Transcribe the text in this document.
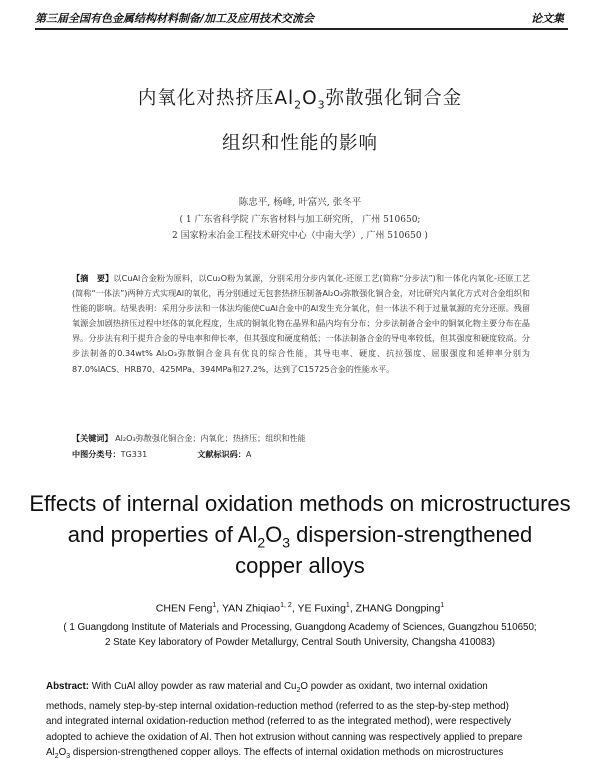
第三届全国有色金属结构材料制备/加工及应用技术交流会	论文集
内氧化对热挤压$Al_2O_3$弥散强化铜合金
组织和性能的影响
陈忠平, 杨峰, 叶富兴, 张冬平
( 1 广东省科学院 广东省材料与加工研究所， 广州 510650;
2 国家粉末冶金工程技术研究中心（中南大学）, 广州 510650 )
【摘　要】以CuAl合金粉为原料，以Cu₂O粉为氧源，分别采用分步内氧化-还原工艺(简称“分步法”)和一体化内氧化-还原工艺(简称“一体法”)两种方式实现Al的氧化，再分别通过无包套热挤压制备Al₂O₃弥散强化铜合金，对比研究内氧化方式对合金组织和性能的影响。结果表明：采用分步法和一体法均能使CuAl合金中的Al发生充分氧化，但一体法不利于过量氧源的充分还原。残留氧源会加剧热挤压过程中坯体的氧化程度，生成的铜氧化物在晶界和晶内均有分布；分步法制备合金中的铜氧化物主要分布在晶界。分步法有利于提升合金的导电率和伸长率，但其强度和硬度稍低；一体法制备合金的导电率较低，但其强度和硬度较高。分步法制备的0.34wt% Al₂O₃弥散铜合金具有优良的综合性能，其导电率、硬度、抗拉强度、屈服强度和延伸率分别为87.0%IACS、HRB70、425MPa、394MPa和27.2%，达到了C15725合金的性能水平。
【关键词】 Al₂O₃弥散强化铜合金；内氧化；热挤压；组织和性能
中图分类号：TG331	文献标识码：A
Effects of internal oxidation methods on microstructures
and properties of $Al_2O_3$ dispersion-strengthened
copper alloys
CHEN Feng$^1$, YAN Zhiqiao$^{1, 2}$, YE Fuxing$^1$, ZHANG Dongping$^1$
( 1 Guangdong Institute of Materials and Processing, Guangdong Academy of Sciences, Guangzhou 510650;
2 State Key laboratory of Powder Metallurgy, Central South University, Changsha 410083)
Abstract: With CuAl alloy powder as raw material and $Cu_2O$ powder as oxidant, two internal oxidation
methods, namely step-by-step internal oxidation-reduction method (referred to as the step-by-step method)
and integrated internal oxidation-reduction method (referred to as the integrated method), were respectively
adopted to achieve the oxidation of Al. Then hot extrusion without canning was respectively applied to prepare
$Al_2O_3$ dispersion-strengthened copper alloys. The effects of internal oxidation methods on microstructures
